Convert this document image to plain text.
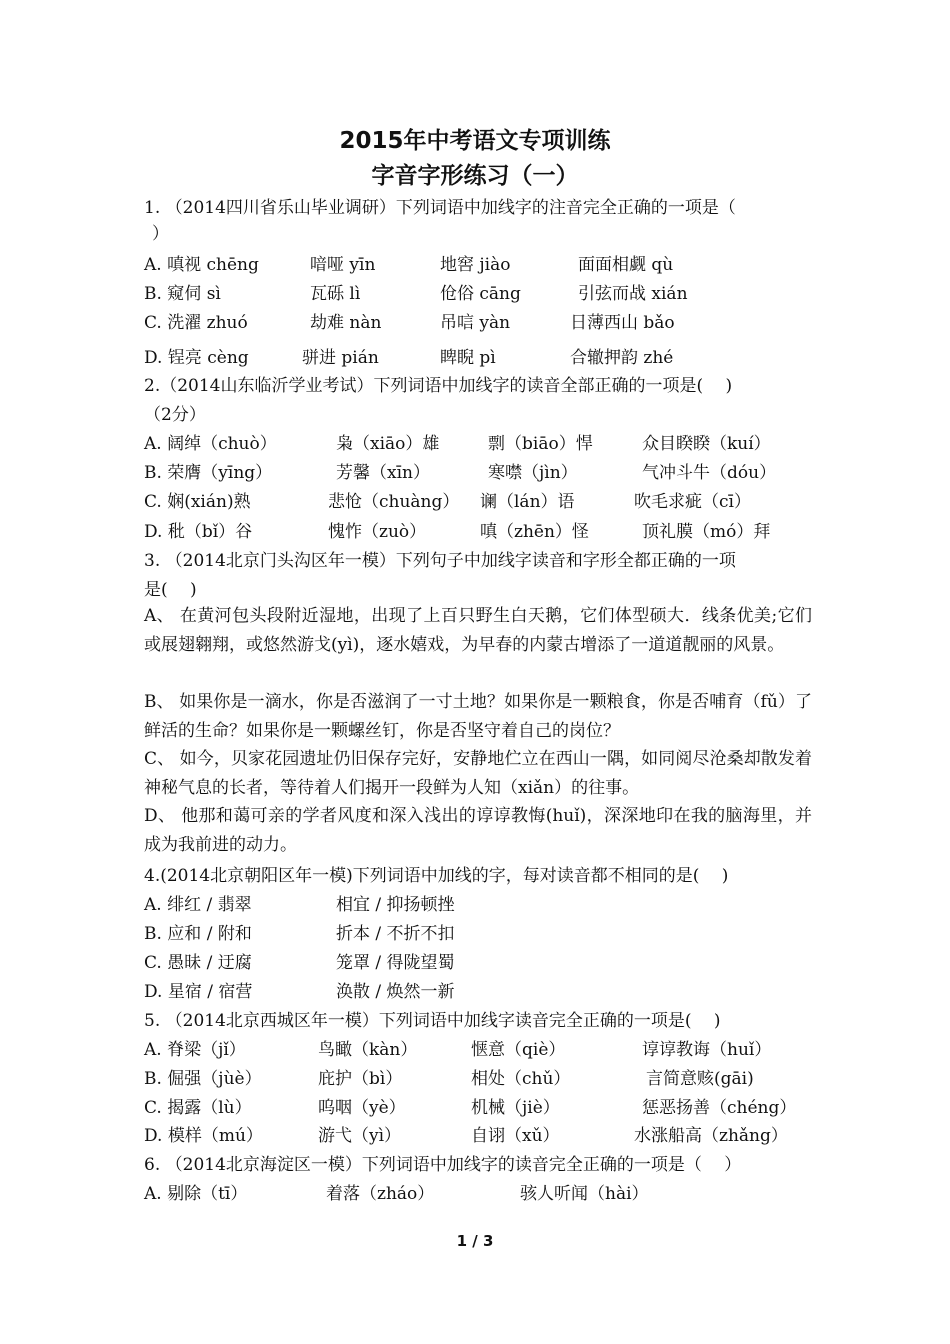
2015年中考语文专项训练
字音字形练习（一）
1. （2014四川省乐山毕业调研）下列词语中加线字的注音完全正确的一项是（
）
A. 嗔视 chēng	喑哑 yīn	地窖 jiào	面面相觑 qù
B. 窥伺 sì	瓦砾 lì	伧俗 cāng	引弦而战 xián
C. 洗濯 zhuó	劫难 nàn	吊唁 yàn	日薄西山 bǎo
D. 锃亮 cèng	骈进 pián	睥睨 pì	合辙押韵 zhé
2.（2014山东临沂学业考试）下列词语中加线字的读音全部正确的一项是(　 )
（2分）
A. 阔绰（chuò）	枭（xiāo）雄	剽（biāo）悍	众目睽睽（kuí）
B. 荣膺（yīng）	芳馨（xīn）	寒噤（jìn）	气冲斗牛（dóu）
C. 娴(xián)熟	悲怆（chuàng） 谰（lán）语	吹毛求疵（cī）
D. 秕（bǐ）谷	愧怍（zuò）	嗔（zhēn）怪	顶礼膜（mó）拜
3. （2014北京门头沟区年一模）下列句子中加线字读音和字形全都正确的一项
是(　 )
A、 在黄河包头段附近湿地，出现了上百只野生白天鹅，它们体型硕大．线条优美;它们或展翅翱翔，或悠然游戈(yì)，逐水嬉戏，为早春的内蒙古增添了一道道靓丽的风景。
B、 如果你是一滴水，你是否滋润了一寸土地？如果你是一颗粮食，你是否哺育（fǔ）了鲜活的生命？如果你是一颗螺丝钉，你是否坚守着自己的岗位？
C、 如今，贝家花园遗址仍旧保存完好，安静地伫立在西山一隅，如同阅尽沧桑却散发着神秘气息的长者，等待着人们揭开一段鲜为人知（xiǎn）的往事。
D、 他那和蔼可亲的学者风度和深入浅出的谆谆教悔(huǐ)，深深地印在我的脑海里，并成为我前进的动力。
4.(2014北京朝阳区年一模)下列词语中加线的字，每对读音都不相同的是(　 )
A. 绯红 / 翡翠	相宜 / 抑扬顿挫
B. 应和 / 附和	折本 / 不折不扣
C. 愚昧 / 迂腐	笼罩 / 得陇望蜀
D. 星宿 / 宿营	涣散 / 焕然一新
5. （2014北京西城区年一模）下列词语中加线字读音完全正确的一项是(　 )
A. 脊梁（jǐ）	鸟瞰（kàn）	惬意（qiè）	谆谆教诲（huǐ）
B. 倔强（jùè）	庇护（bì）	相处（chǔ）	言简意赅(gāi)
C. 揭露（lù）	呜咽（yè）	机械（jiè）	惩恶扬善（chéng）
D. 模样（mú）	游弋（yì）	自诩（xǔ）	水涨船高（zhǎng）
6. （2014北京海淀区一模）下列词语中加线字的读音完全正确的一项是（　 ）
A. 剔除（tī）	着落（zháo）	骇人听闻（hài）
1 / 3
